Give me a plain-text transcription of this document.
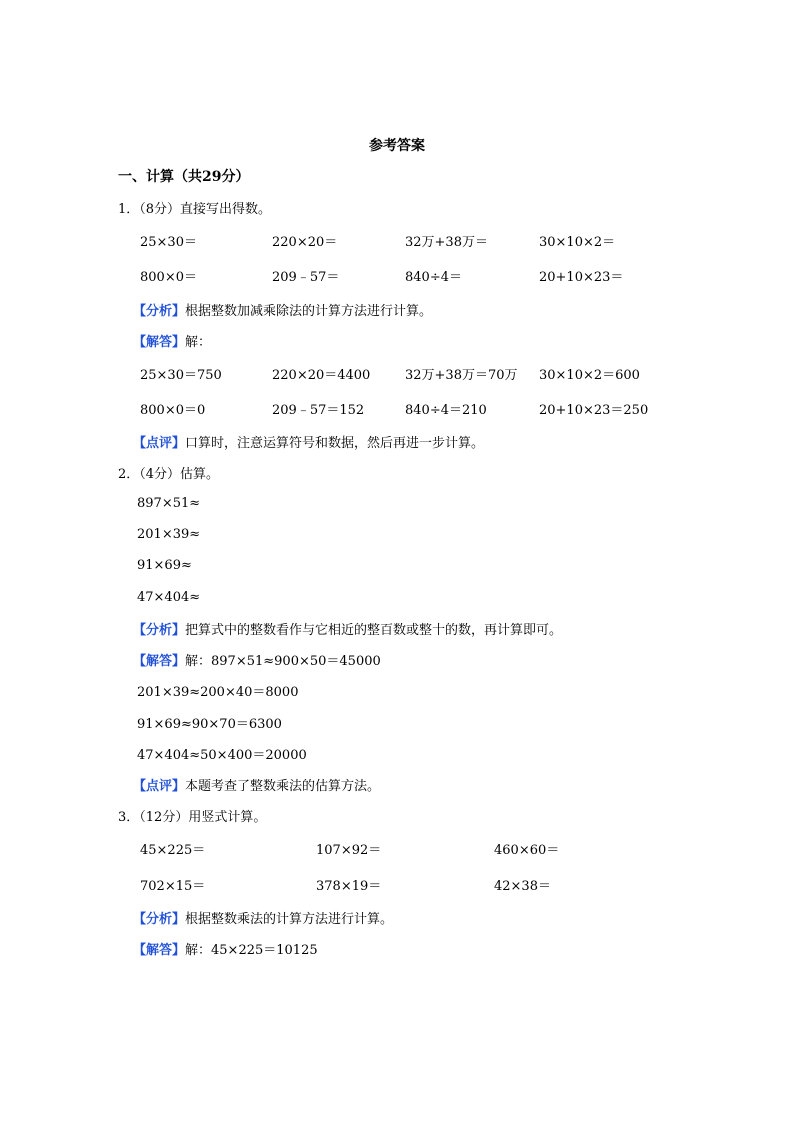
参考答案
一、计算（共29分）
1．（8分）直接写出得数。
25×30＝	220×20＝	32万+38万＝	30×10×2＝
800×0＝	209﹣57＝	840÷4＝	20+10×23＝
【分析】根据整数加减乘除法的计算方法进行计算。
【解答】解：
25×30＝750	220×20＝4400	32万+38万＝70万 30×10×2＝600
800×0＝0	209﹣57＝152	840÷4＝210	20+10×23＝250
【点评】口算时，注意运算符号和数据，然后再进一步计算。
2．（4分）估算。
897×51≈
201×39≈
91×69≈
47×404≈
【分析】把算式中的整数看作与它相近的整百数或整十的数，再计算即可。
【解答】解：897×51≈900×50＝45000
201×39≈200×40＝8000
91×69≈90×70＝6300
47×404≈50×400＝20000
【点评】本题考查了整数乘法的估算方法。
3．（12分）用竖式计算。
45×225＝	107×92＝	460×60＝
702×15＝	378×19＝	42×38＝
【分析】根据整数乘法的计算方法进行计算。
【解答】解：45×225＝10125
